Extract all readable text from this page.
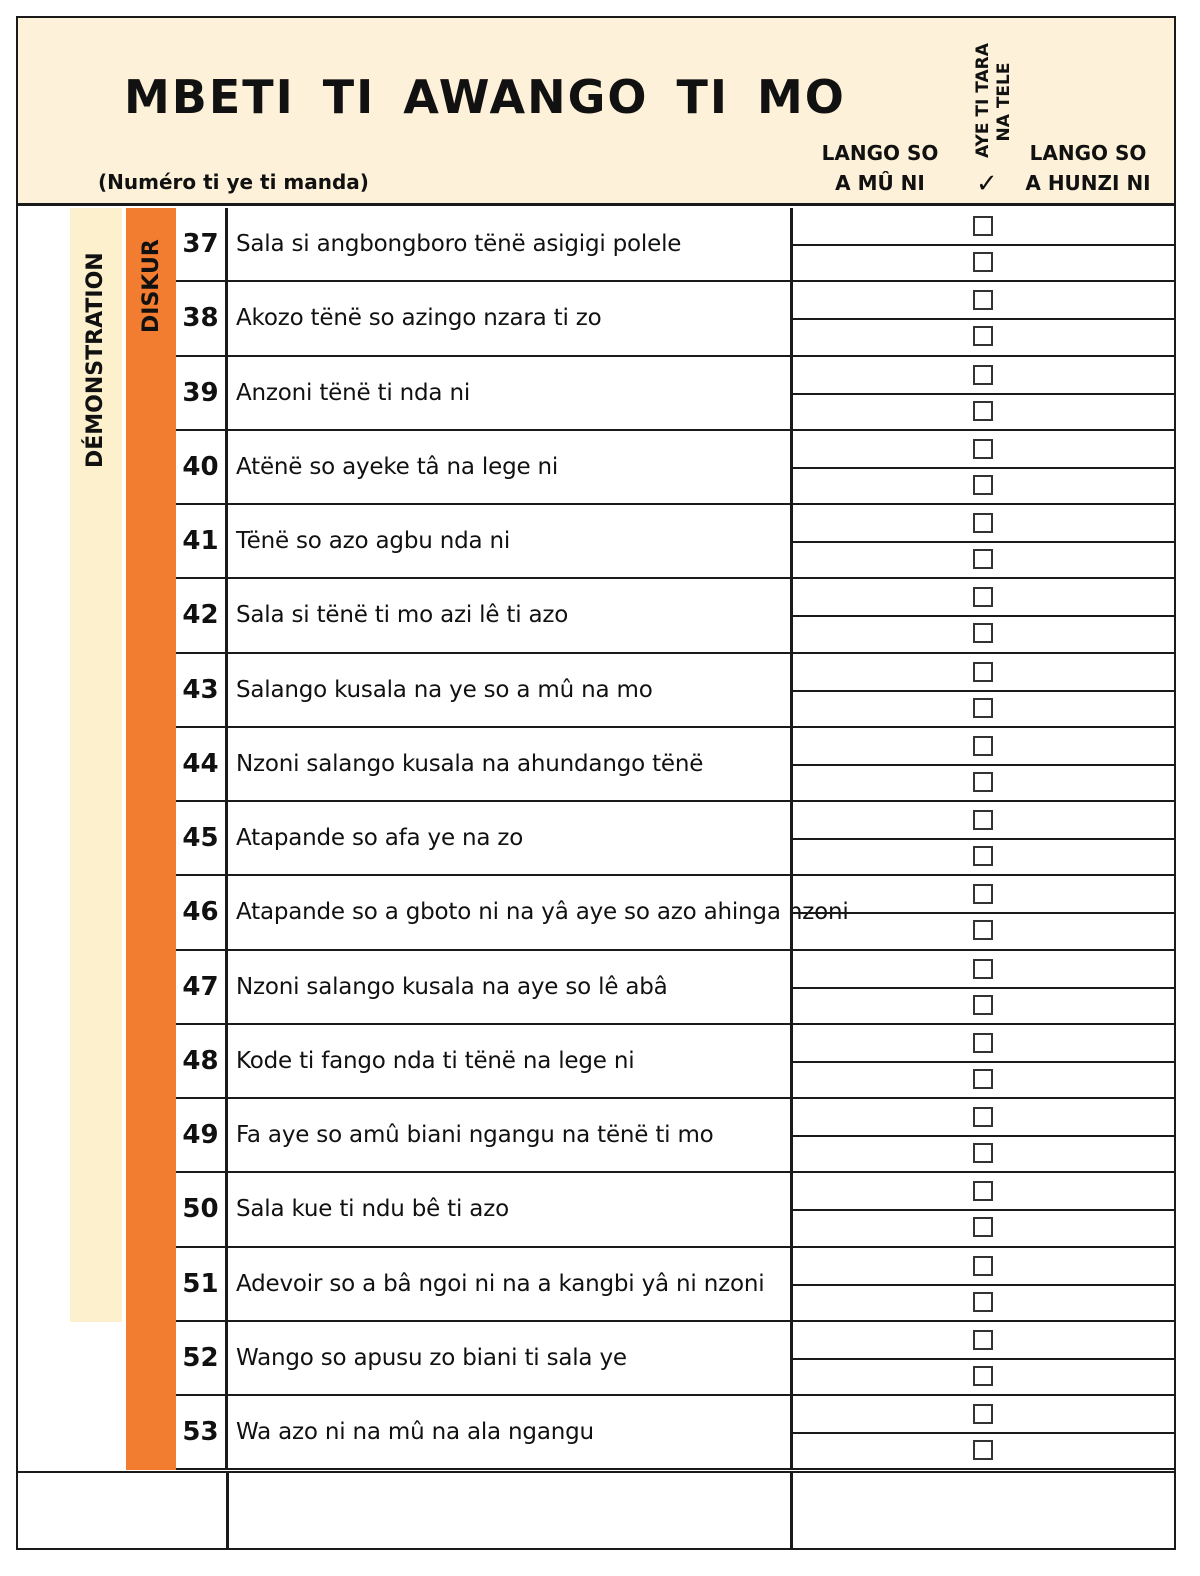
MBETI TI AWANGO TI MO
(Numéro ti ye ti manda)
LANGO SO
A MÛ NI
AYE TI TARA NA TELE
✓
LANGO SO
A HUNZI NI
DÉMONSTRATION DISKUR 37 Sala si angbongboro tënë asigigi polele
38 Akozo tënë so azingo nzara ti zo
39 Anzoni tënë ti nda ni
40 Atënë so ayeke tâ na lege ni
41 Tënë so azo agbu nda ni
42 Sala si tënë ti mo azi lê ti azo
43 Salango kusala na ye so a mû na mo
44 Nzoni salango kusala na ahundango tënë
45 Atapande so afa ye na zo
46 Atapande so a gboto ni na yâ aye so azo ahinga nzoni
47 Nzoni salango kusala na aye so lê abâ
48 Kode ti fango nda ti tënë na lege ni
49 Fa aye so amû biani ngangu na tënë ti mo
50 Sala kue ti ndu bê ti azo
51 Adevoir so a bâ ngoi ni na a kangbi yâ ni nzoni
52 Wango so apusu zo biani ti sala ye
53 Wa azo ni na mû na ala ngangu
